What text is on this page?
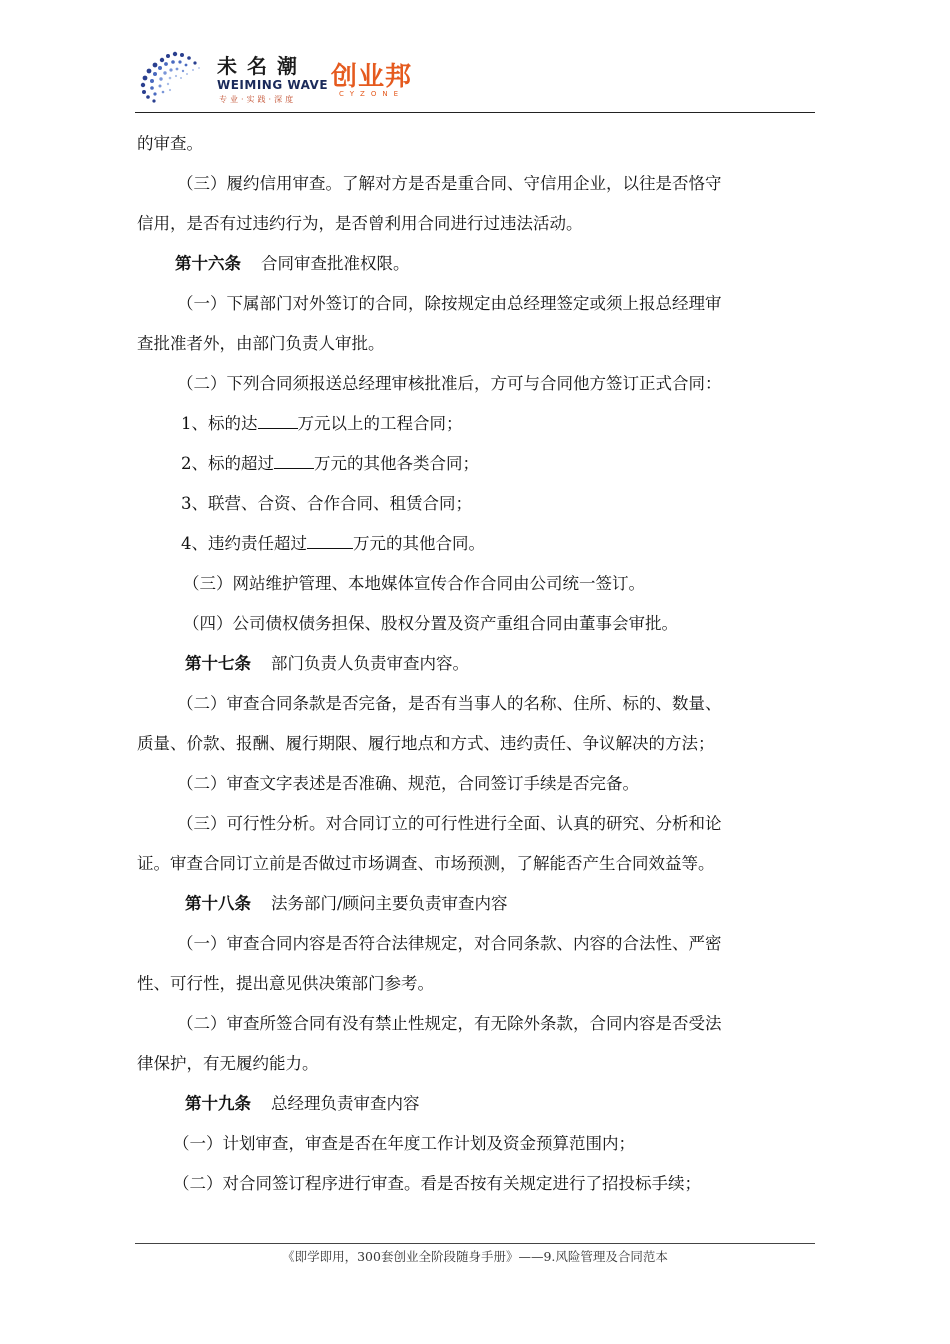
未名潮
WEIMING WAVE
专业·实践·深度
创业邦
CYZONE

的审查。

（三）履约信用审查。了解对方是否是重合同、守信用企业，以往是否恪守

信用，是否有过违约行为，是否曾利用合同进行过违法活动。

第十六条 合同审查批准权限。

（一）下属部门对外签订的合同，除按规定由总经理签定或须上报总经理审

查批准者外，由部门负责人审批。

（二）下列合同须报送总经理审核批准后，方可与合同他方签订正式合同：

1、标的达 万元以上的工程合同；

2、标的超过 万元的其他各类合同；

3、联营、合资、合作合同、租赁合同；

4、违约责任超过	万元的其他合同。

（三）网站维护管理、本地媒体宣传合作合同由公司统一签订。

（四）公司债权债务担保、股权分置及资产重组合同由董事会审批。

第十七条 部门负责人负责审查内容。

（二）审查合同条款是否完备，是否有当事人的名称、住所、标的、数量、

质量、价款、报酬、履行期限、履行地点和方式、违约责任、争议解决的方法；

（二）审查文字表述是否准确、规范，合同签订手续是否完备。

（三）可行性分析。对合同订立的可行性进行全面、认真的研究、分析和论

证。审查合同订立前是否做过市场调查、市场预测，了解能否产生合同效益等。

第十八条 法务部门/顾问主要负责审查内容

（一）审查合同内容是否符合法律规定，对合同条款、内容的合法性、严密

性、可行性，提出意见供决策部门参考。

（二）审查所签合同有没有禁止性规定，有无除外条款，合同内容是否受法

律保护，有无履约能力。

第十九条 总经理负责审查内容

（一）计划审查，审查是否在年度工作计划及资金预算范围内；

（二）对合同签订程序进行审查。看是否按有关规定进行了招投标手续；

《即学即用，300套创业全阶段随身手册》——9.风险管理及合同范本
